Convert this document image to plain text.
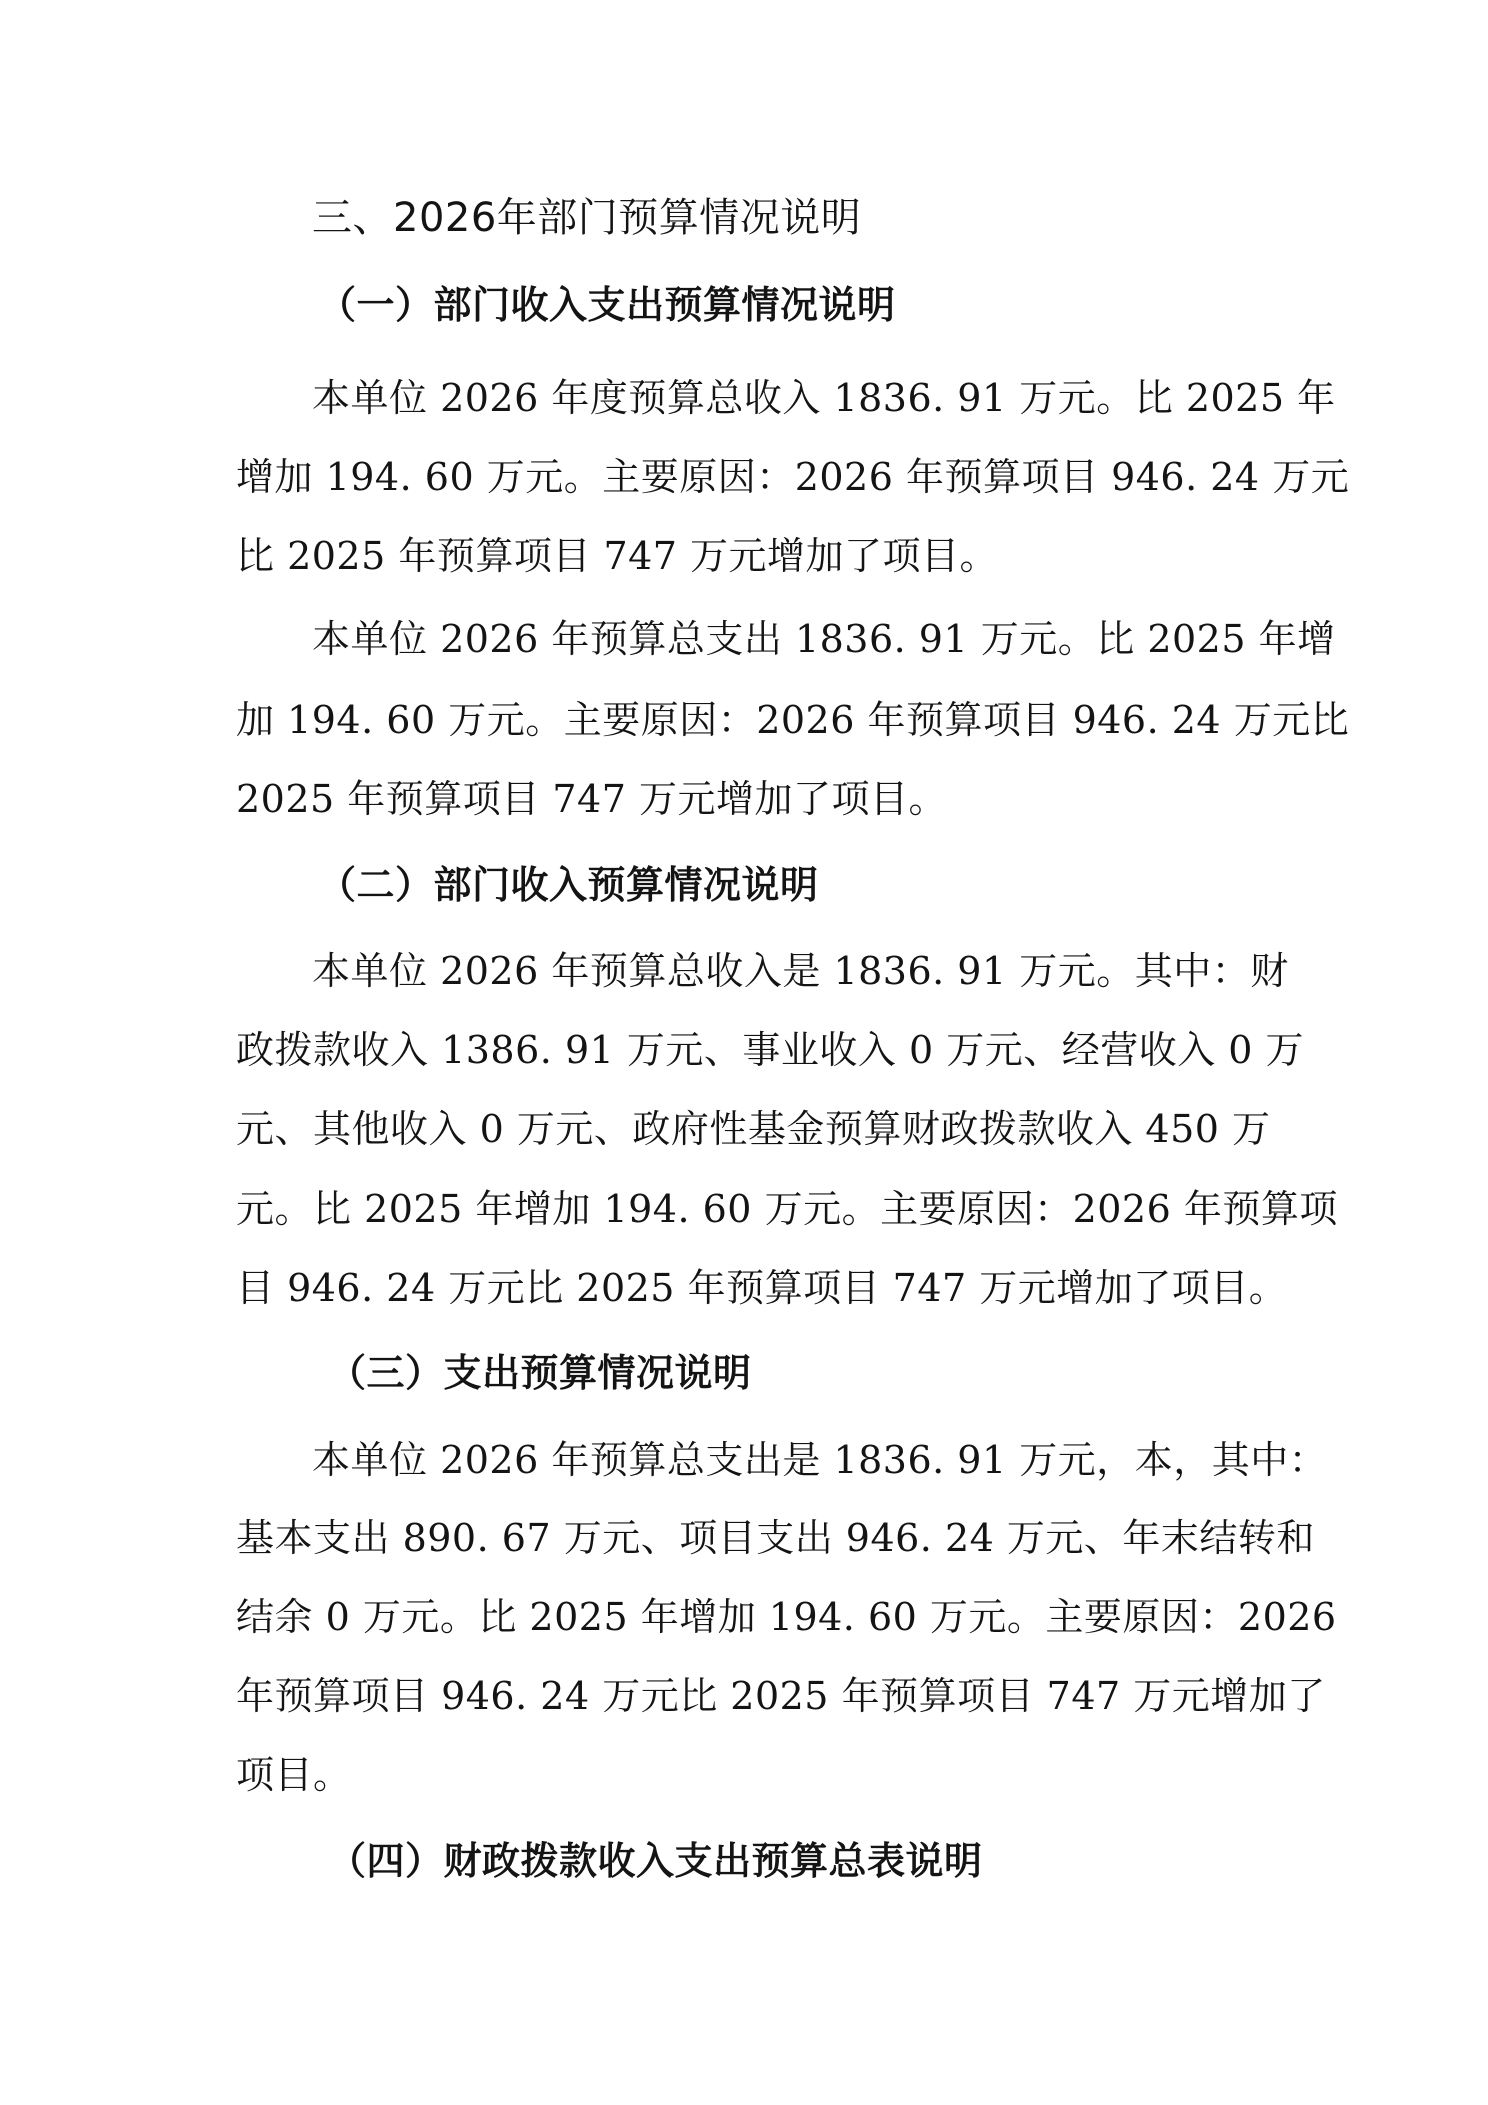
三、2026年部门预算情况说明
（一）部门收入支出预算情况说明
本单位 2026 年度预算总收入 1836. 91 万元。比 2025 年
增加 194. 60 万元。主要原因：2026 年预算项目 946. 24 万元
比 2025 年预算项目 747 万元增加了项目。
本单位 2026 年预算总支出 1836. 91 万元。比 2025 年增
加 194. 60 万元。主要原因：2026 年预算项目 946. 24 万元比
2025 年预算项目 747 万元增加了项目。
（二）部门收入预算情况说明
本单位 2026 年预算总收入是 1836. 91 万元。其中：财
政拨款收入 1386. 91 万元、事业收入 0 万元、经营收入 0 万
元、其他收入 0 万元、政府性基金预算财政拨款收入 450 万
元。比 2025 年增加 194. 60 万元。主要原因：2026 年预算项
目 946. 24 万元比 2025 年预算项目 747 万元增加了项目。
（三）支出预算情况说明
本单位 2026 年预算总支出是 1836. 91 万元，本，其中：
基本支出 890. 67 万元、项目支出 946. 24 万元、年末结转和
结余 0 万元。比 2025 年增加 194. 60 万元。主要原因：2026
年预算项目 946. 24 万元比 2025 年预算项目 747 万元增加了
项目。
（四）财政拨款收入支出预算总表说明
